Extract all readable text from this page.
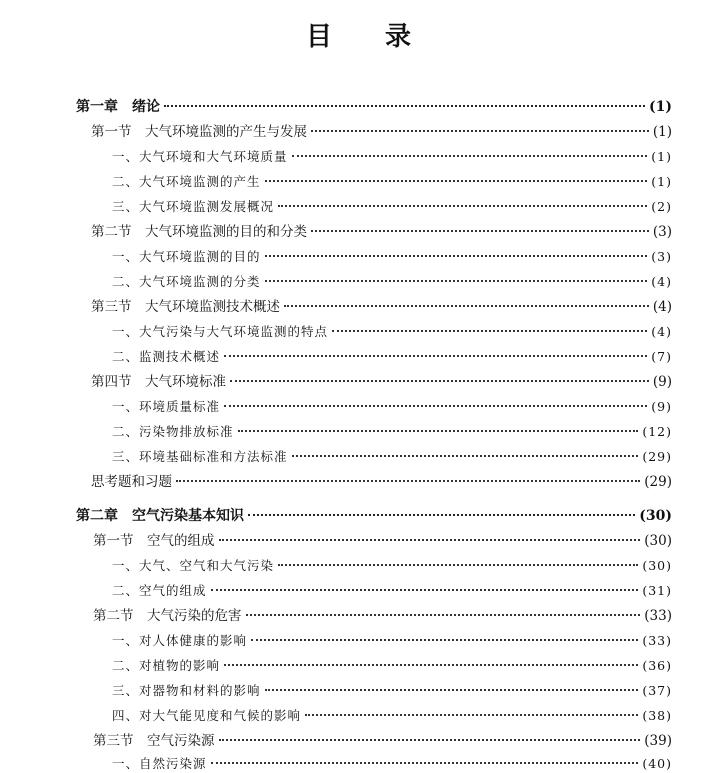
目 录
第一章　绪论	(1)
第一节　大气环境监测的产生与发展	(1)
一、大气环境和大气环境质量	(1)
二、大气环境监测的产生	(1)
三、大气环境监测发展概况	(2)
第二节　大气环境监测的目的和分类	(3)
一、大气环境监测的目的	(3)
二、大气环境监测的分类	(4)
第三节　大气环境监测技术概述	(4)
一、大气污染与大气环境监测的特点	(4)
二、监测技术概述	(7)
第四节　大气环境标准	(9)
一、环境质量标准	(9)
二、污染物排放标准	(12)
三、环境基础标准和方法标准	(29)
思考题和习题	(29)
第二章　空气污染基本知识	(30)
第一节　空气的组成	(30)
一、大气、空气和大气污染	(30)
二、空气的组成	(31)
第二节　大气污染的危害	(33)
一、对人体健康的影响	(33)
二、对植物的影响	(36)
三、对器物和材料的影响	(37)
四、对大气能见度和气候的影响	(38)
第三节　空气污染源	(39)
一、自然污染源	(40)
